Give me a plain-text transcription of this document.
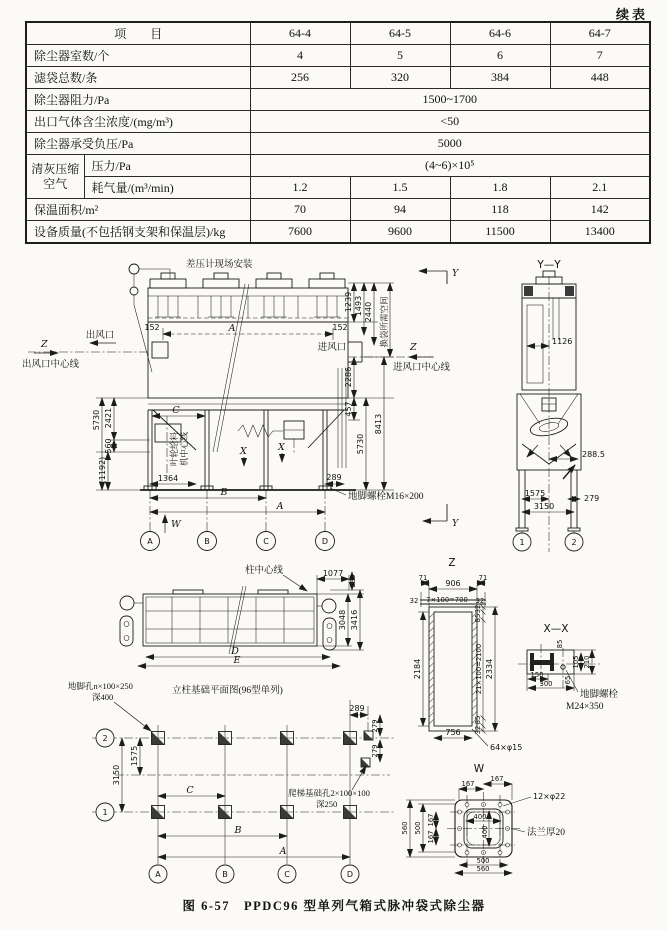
续表
项　　目		64-4	64-5	64-6	64-7
除尘器室数/个		4	5	6	7
滤袋总数/条		256	320	384	448
除尘器阻力/Pa		1500~1700			
出口气体含尘浓度/(mg/m³)		<50			
除尘器承受负压/Pa		5000			
清灰压缩空气	压力/Pa	(4~6)×10⁵			
	耗气量/(m³/min)	1.2	1.5	1.8	2.1
保温面积/m²		70	94	118	142
设备质量(不包括钢支架和保温层)/kg		7600	9600	11500	13400
差压计现场安装
A
152	152
出风口
Z
出风口中心线
进风口	Z
进风口中心线
1239 1493 2440 换袋所需空间
2286
457
5730
8413
Y
Y
5730 2421
560
(1192)
叶轮给料 机中心线	X	X
C
1364	289
地脚螺栓M16×200
B
A
W
A	B	C	D
Y—Y
1126
288.5
1575
279
3150
1	2
柱中心线	1077
235
3048 3416
D
E
Z
906
71	71
32 7×100=700 32
2184
32
85
21×100=2100
85
32
2334
756
64×φ15
X—X
85
105 210
150
300 65
地脚螺栓
M24×350
地脚孔n×100×250
深400
立柱基础平面图(96型单列)
289
279
279
2
1
1575
3150
C
B
A
爬梯基础孔2×100×100
深250
A	B	C	D
W
167
167
12×φ22
法兰厚20
400
400
500
560
167
167
500
560
图 6-57　PPDC96 型单列气箱式脉冲袋式除尘器
